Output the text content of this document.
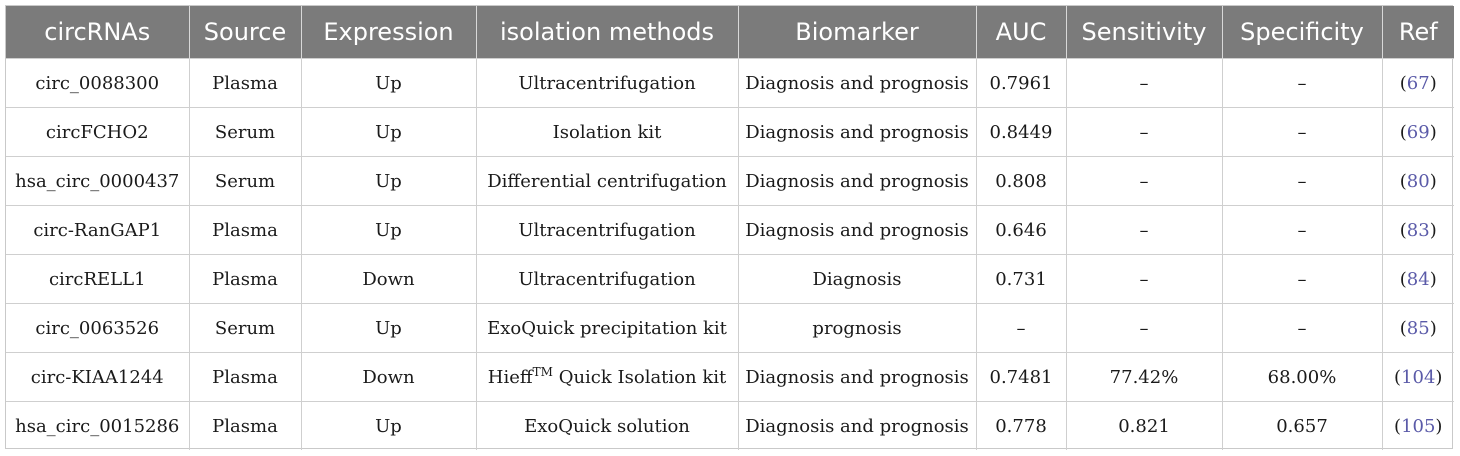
circRNAs	Source	Expression	isolation methods	Biomarker	AUC	Sensitivity	Specificity	Ref
circ_0088300	Plasma	Up	Ultracentrifugation	Diagnosis and prognosis	0.7961	–	–	(67)
circFCHO2	Serum	Up	Isolation kit	Diagnosis and prognosis	0.8449	–	–	(69)
hsa_circ_0000437	Serum	Up	Differential centrifugation	Diagnosis and prognosis	0.808	–	–	(80)
circ-RanGAP1	Plasma	Up	Ultracentrifugation	Diagnosis and prognosis	0.646	–	–	(83)
circRELL1	Plasma	Down	Ultracentrifugation	Diagnosis	0.731	–	–	(84)
circ_0063526	Serum	Up	ExoQuick precipitation kit	prognosis	–	–	–	(85)
circ-KIAA1244	Plasma	Down	Hieff™ Quick Isolation kit	Diagnosis and prognosis	0.7481	77.42%	68.00%	(104)
hsa_circ_0015286	Plasma	Up	ExoQuick solution	Diagnosis and prognosis	0.778	0.821	0.657	(105)
